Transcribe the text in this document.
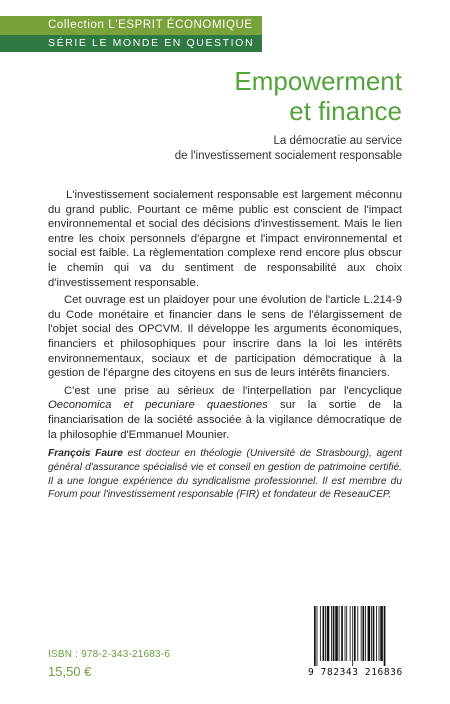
Collection L'ESPRIT ÉCONOMIQUE
SÉRIE LE MONDE EN QUESTION
Empowerment
et finance
La démocratie au service
de l'investissement socialement responsable

L'investissement socialement responsable est largement méconnu du grand public. Pourtant ce même public est conscient de l'impact environnemental et social des décisions d'investissement. Mais le lien entre les choix personnels d'épargne et l'impact environnemental et social est faible. La règlementation complexe rend encore plus obscur le chemin qui va du sentiment de responsabilité aux choix d'investissement responsable.

Cet ouvrage est un plaidoyer pour une évolution de l'article L.214-9 du Code monétaire et financier dans le sens de l'élargissement de l'objet social des OPCVM. Il développe les arguments économiques, financiers et philosophiques pour inscrire dans la loi les intérêts environnementaux, sociaux et de participation démocratique à la gestion de l'épargne des citoyens en sus de leurs intérêts financiers.

C'est une prise au sérieux de l'interpellation par l'encyclique Oeconomica et pecuniare quaestiones sur la sortie de la financiarisation de la société associée à la vigilance démocratique de la philosophie d'Emmanuel Mounier.

François Faure est docteur en théologie (Université de Strasbourg), agent général d'assurance spécialisé vie et conseil en gestion de patrimoine certifié. Il a une longue expérience du syndicalisme professionnel. Il est membre du Forum pour l'investissement responsable (FIR) et fondateur de ReseauCEP.
ISBN : 978-2-343-21683-6
15,50 €	9 782343 216836
